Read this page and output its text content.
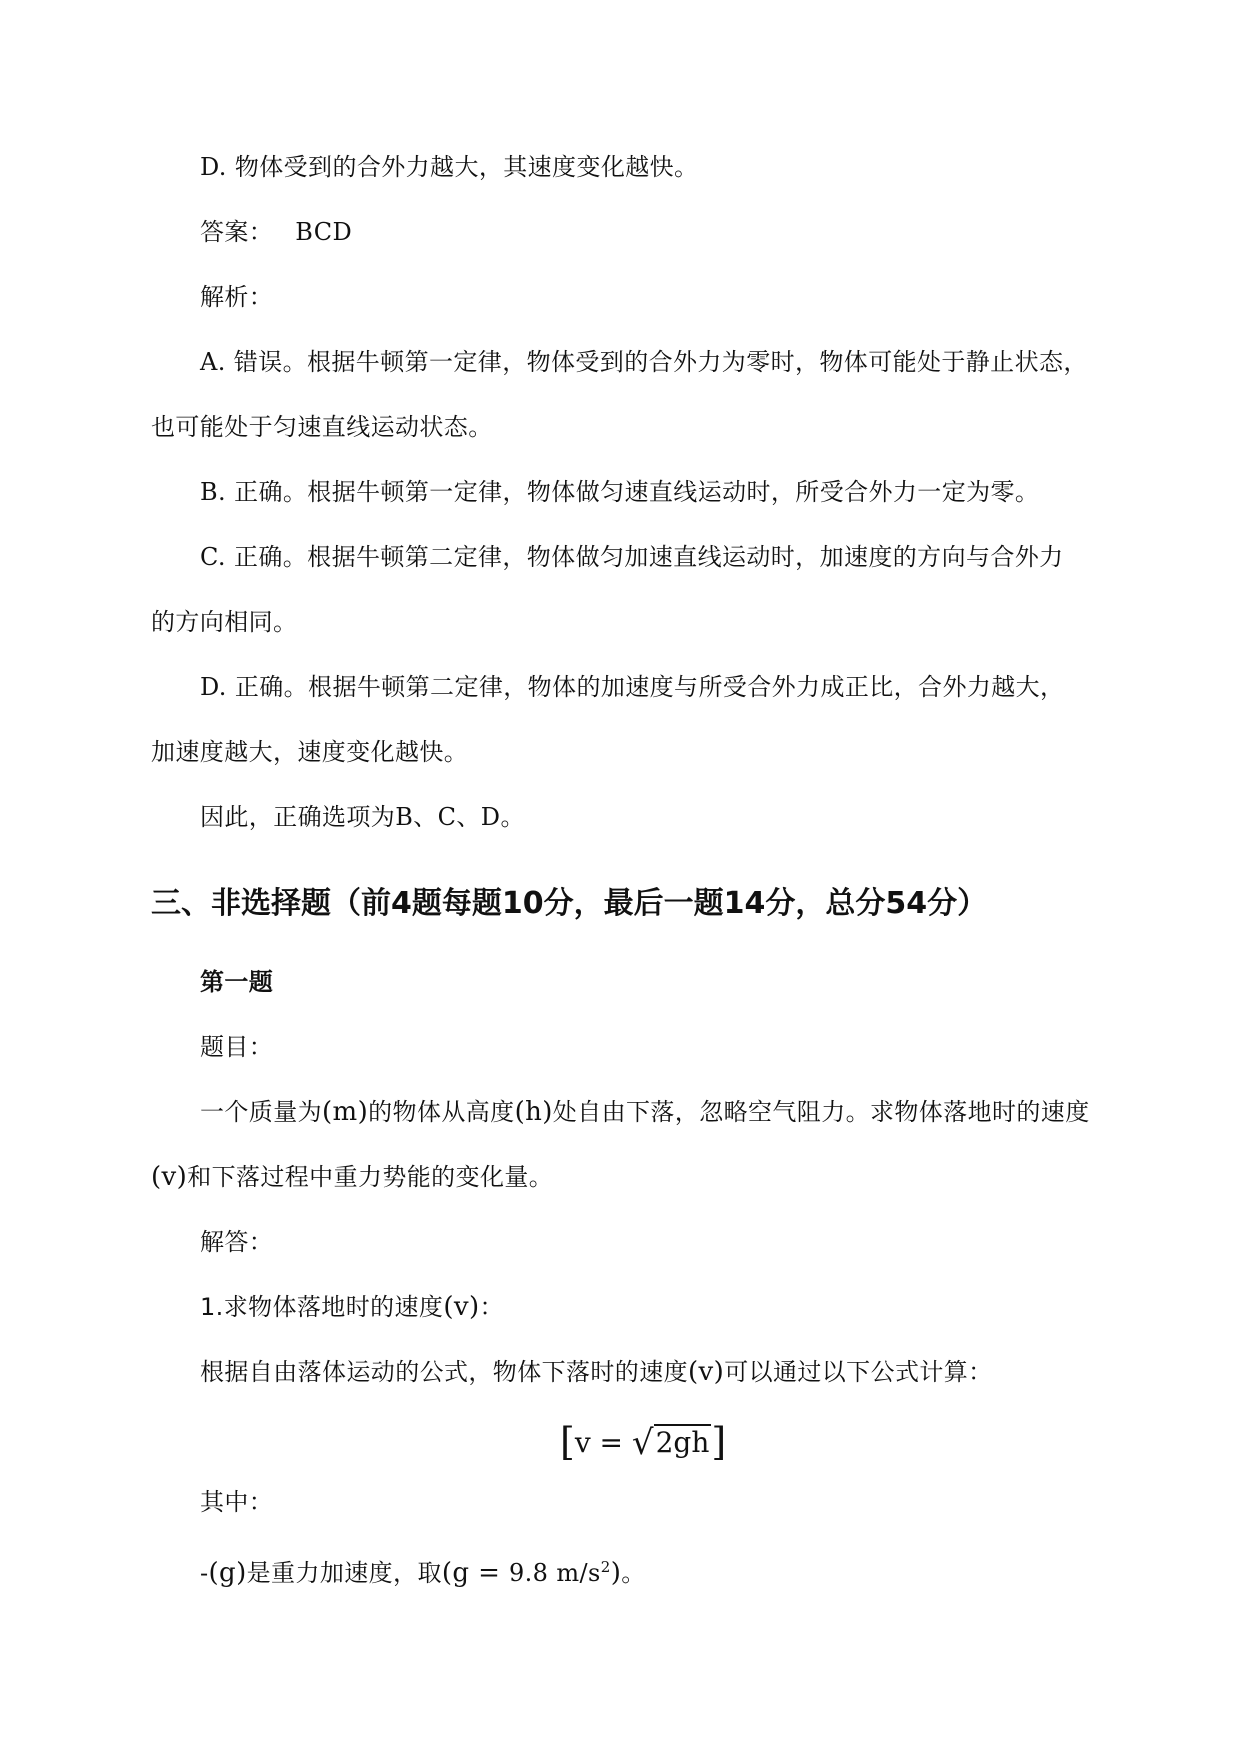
D. 物体受到的合外力越大，其速度变化越快。
答案： BCD
解析：
A. 错误。根据牛顿第一定律，物体受到的合外力为零时，物体可能处于静止状态，
也可能处于匀速直线运动状态。
B. 正确。根据牛顿第一定律，物体做匀速直线运动时，所受合外力一定为零。
C. 正确。根据牛顿第二定律，物体做匀加速直线运动时，加速度的方向与合外力
的方向相同。
D. 正确。根据牛顿第二定律，物体的加速度与所受合外力成正比，合外力越大，
加速度越大，速度变化越快。
因此，正确选项为B、C、D。
三、非选择题（前4题每题10分，最后一题14分，总分54分）
第一题
题目：
一个质量为(m)的物体从高度(h)处自由下落，忽略空气阻力。求物体落地时的速度
(v)和下落过程中重力势能的变化量。
解答：
1.求物体落地时的速度(v)：
根据自由落体运动的公式，物体下落时的速度(v)可以通过以下公式计算：
[v = √2gh]
其中：
-(g)是重力加速度，取(g = 9.8 $m/s^2$)。
